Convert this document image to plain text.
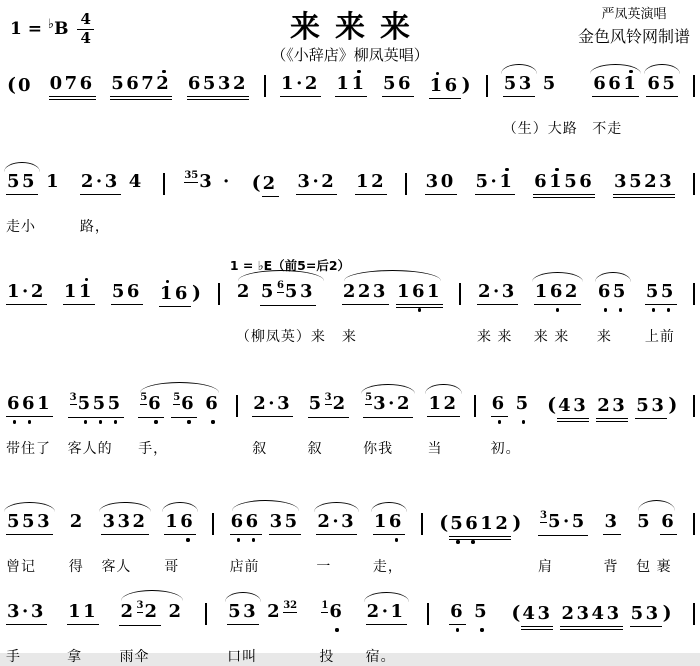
$1 = ^♭B \frac{4}{4}$	来来来	严凤英演唱
金色风铃网制谱
（《小辞店》柳凤英唱）
( 0
076
5672
6532
1·2
11
56
16 )
53 5
（生）大路
661 65
不走
55 1
走小
2·3 4
路，
353 ·
( 2
3·2
12
30
5·1
6156
3523

1·2
11
56
16 )

1 = ♭E（前5=后2）
2 5653
（柳凤英）来
223 161
来
2·3
来 来
162
来 来
65
来
55
上前
661
带住了
3555
客人的
56 56 6
手，
2·3
叙
532
叙
53·2
你我
12
当
6 5
初。
( 43 23 53 )

553
曾记
2
得
332
客人
16
哥
66 35
店前
2·3
一
16
走，
( 5612 )
35·5
肩
3
背
5 6
包 裹
3·3
手
11
拿
232 2
雨伞
53 232
口叫
16
投
2·1
宿。
6 5
( 43 2343 53 )
